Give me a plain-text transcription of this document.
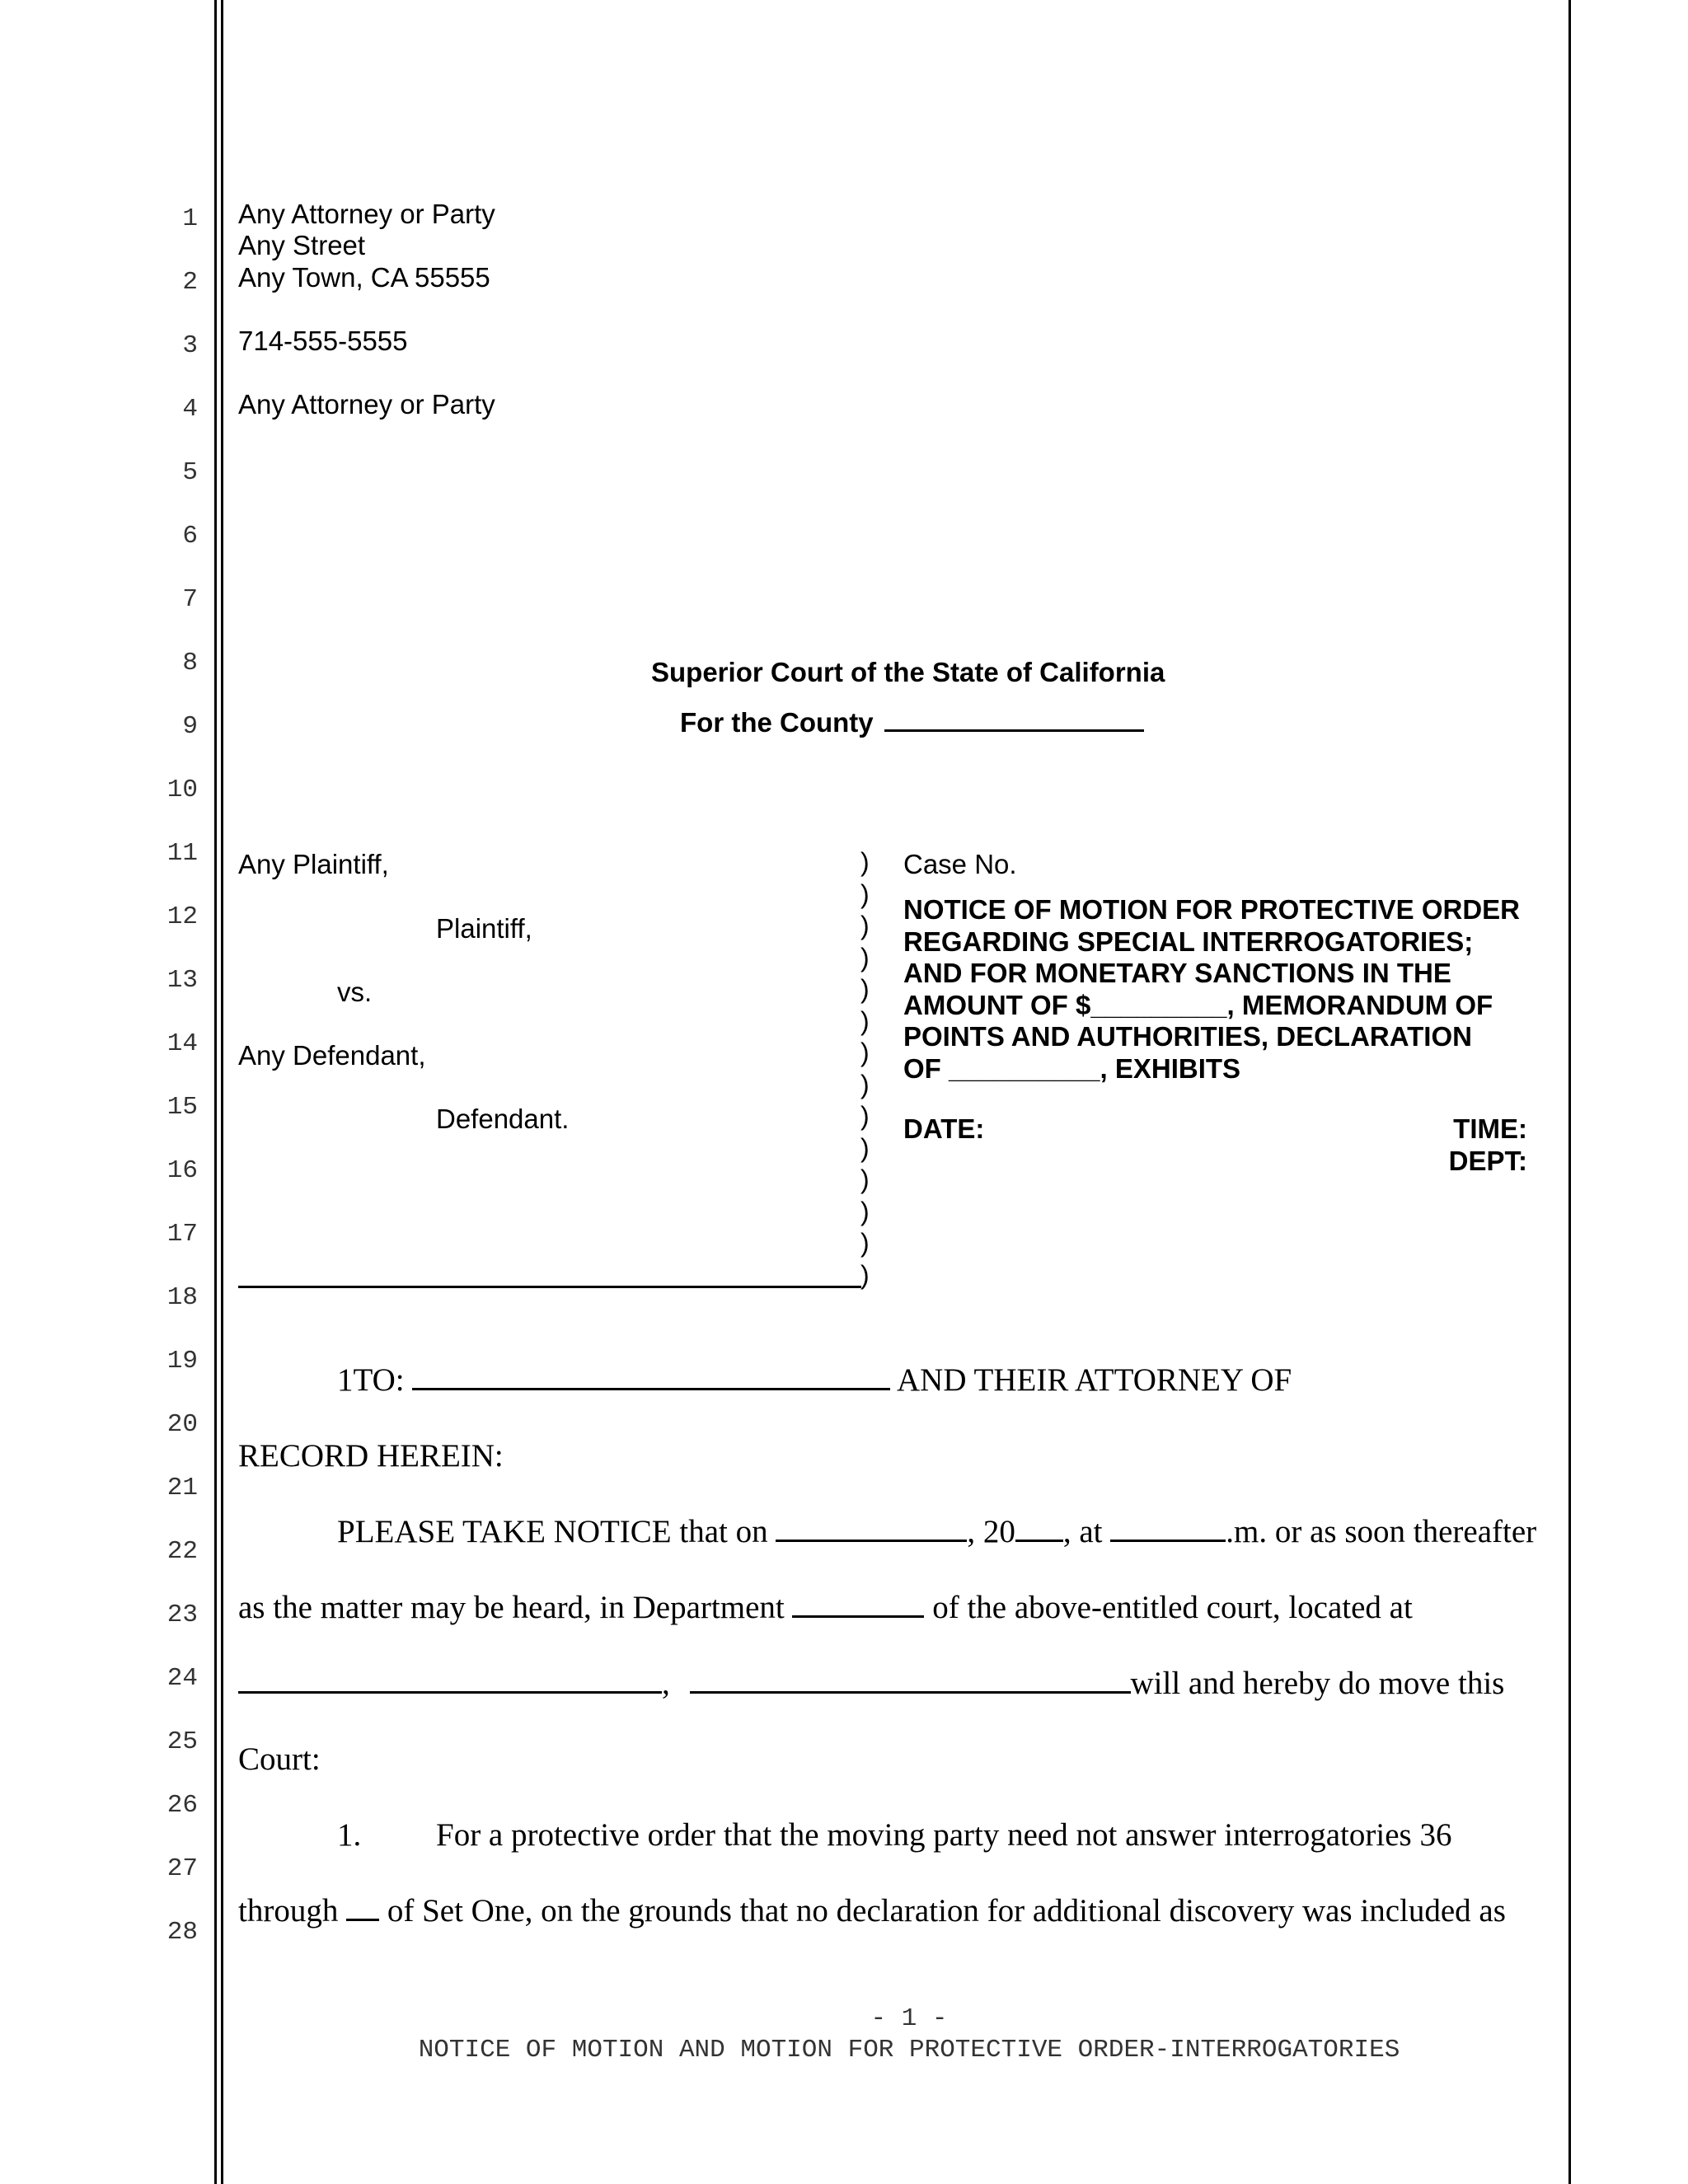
1
2
3
4
5
6
7
8
9
10
11
12
13
14
15
16
17
18
19
20
21
22
23
24
25
26
27
28
Any Attorney or Party
Any Street
Any Town, CA 55555
714-555-5555
Any Attorney or Party
Superior Court of the State of California
For the County
Any Plaintiff,
Plaintiff,
vs.
Any Defendant,
Defendant.
)
)
)
)
)
)
)
)
)
)
)
)
)
)
Case No.
NOTICE OF MOTION FOR PROTECTIVE ORDER
REGARDING SPECIAL INTERROGATORIES;
AND FOR MONETARY SANCTIONS IN THE
AMOUNT OF $_________, MEMORANDUM OF
POINTS AND AUTHORITIES, DECLARATION
OF __________, EXHIBITS
DATE:	TIME:
DEPT:
1TO:	AND THEIR ATTORNEY OF
RECORD HEREIN:
PLEASE TAKE NOTICE that on	, 20 , at	.m. or as soon thereafter
as the matter may be heard, in Department	of the above-entitled court, located at
,	will and hereby do move this
Court:
1. For a protective order that the moving party need not answer interrogatories 36
through of Set One, on the grounds that no declaration for additional discovery was included as
- 1 -
NOTICE OF MOTION AND MOTION FOR PROTECTIVE ORDER-INTERROGATORIES
